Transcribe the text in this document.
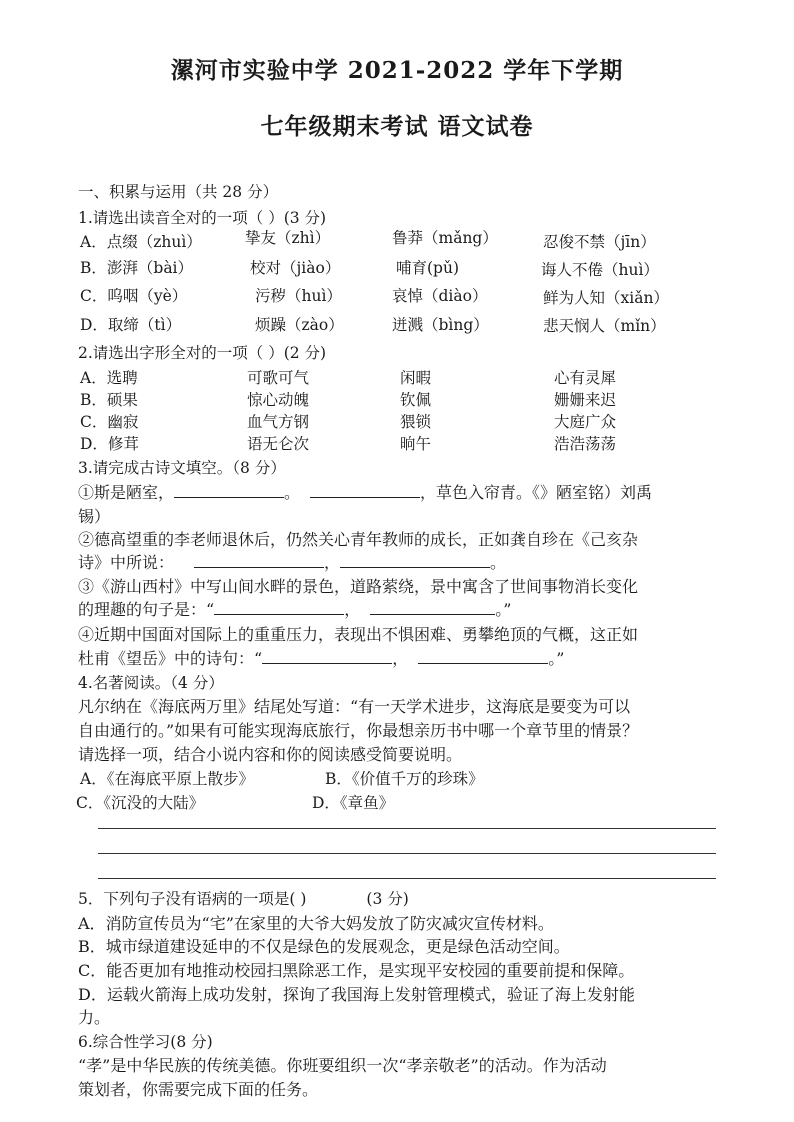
漯河市实验中学 2021-2022 学年下学期
七年级期末考试 语文试卷
一、积累与运用（共 28 分）
1.请选出读音全对的一项（ ）(3 分)
A．点缀（zhuì）	挚友（zhì）	鲁莽（mǎng）	忍俊不禁（jīn）
B．澎湃（bài）	校对（jiào）	哺育(pǔ)	诲人不倦（huì）
C．呜咽（yè）	污秽（huì）	哀悼（diào）	鲜为人知（xiǎn）
D．取缔（tì）	烦躁（zào）	迸溅（bìng）	悲天悯人（mǐn）
2.请选出字形全对的一项（ ）(2 分)
A．选聘	可歌可气	闲暇	心有灵犀
B．硕果	惊心动魄	钦佩	姗姗来迟
C．幽寂	血气方钢	猥锁	大庭广众
D．修茸	语无仑次	晌午	浩浩荡荡
3.请完成古诗文填空。（8 分）
①斯是陋室，	。	，草色入帘青。《》陋室铭）刘禹
锡）
②德高望重的李老师退休后，仍然关心青年教师的成长，正如龚自珍在《己亥杂
诗》中所说：	，	。
③《游山西村》中写山间水畔的景色，道路萦绕，景中寓含了世间事物消长变化
的理趣的句子是：“	，	。”
④近期中国面对国际上的重重压力，表现出不惧困难、勇攀绝顶的气概，这正如
杜甫《望岳》中的诗句：“	，	。”
4.名著阅读。（4 分）
凡尔纳在《海底两万里》结尾处写道：“有一天学术进步，这海底是要变为可以
自由通行的。”如果有可能实现海底旅行，你最想亲历书中哪一个章节里的情景？
请选择一项，结合小说内容和你的阅读感受简要说明。
A．《在海底平原上散步》	B．《价值千万的珍珠》
C．《沉没的大陆》	D．《章鱼》
5．下列句子没有语病的一项是( )	(3 分)
A．消防宣传员为“宅”在家里的大爷大妈发放了防灾减灾宣传材料。
B．城市绿道建设延申的不仅是绿色的发展观念，更是绿色活动空间。
C．能否更加有地推动校园扫黑除恶工作，是实现平安校园的重要前提和保障。
D．运载火箭海上成功发射，探询了我国海上发射管理模式，验证了海上发射能
力。
6.综合性学习(8 分)
“孝”是中华民族的传统美德。你班要组织一次“孝亲敬老”的活动。作为活动
策划者，你需要完成下面的任务。
